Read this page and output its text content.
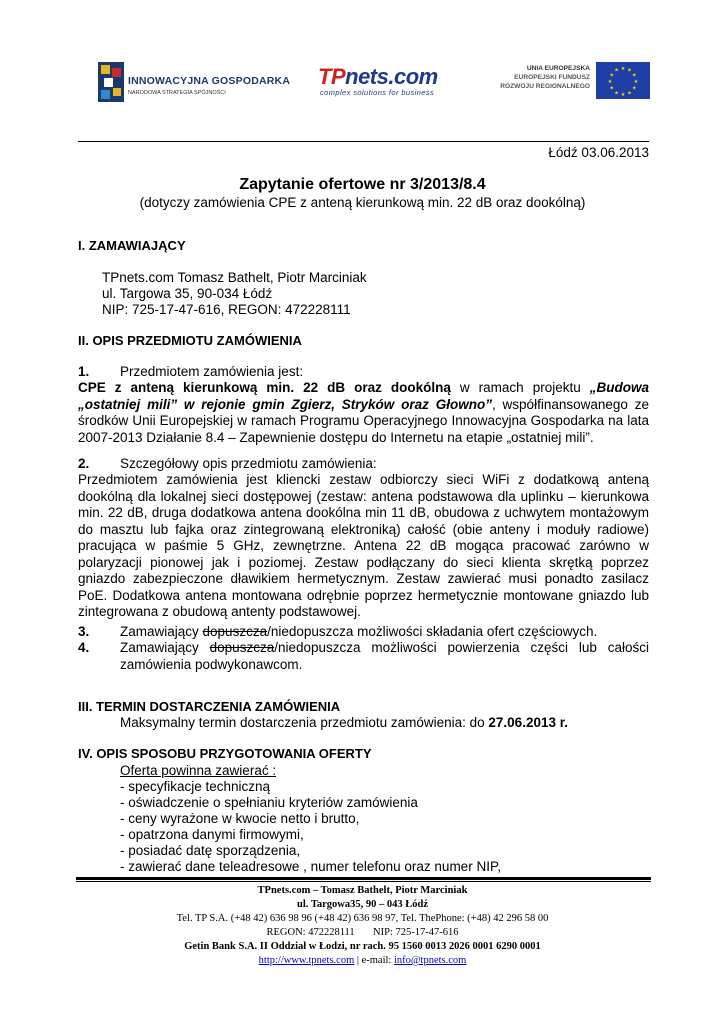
INNOWACYJNA GOSPODARKA
NARODOWA STRATEGIA SPÓJNOŚCI
TPnets.com
complex solutions for business
UNIA EUROPEJSKA
EUROPEJSKI FUNDUSZ
ROZWOJU REGIONALNEGO
★ ★
★
★
★
★
★
★
★
★
★
★
Łódź 03.06.2013
Zapytanie ofertowe nr 3/2013/8.4
(dotyczy zamówienia CPE z anteną kierunkową min. 22 dB oraz dookólną)
I. ZAMAWIAJĄCY
TPnets.com Tomasz Bathelt, Piotr Marciniak
ul. Targowa 35, 90-034 Łódź
NIP: 725-17-47-616, REGON: 472228111
II. OPIS PRZEDMIOTU ZAMÓWIENIA
1. Przedmiotem zamówienia jest:
CPE z anteną kierunkową min. 22 dB oraz dookólną w ramach projektu „Budowa „ostatniej mili” w rejonie gmin Zgierz, Stryków oraz Głowno”, współfinansowanego ze środków Unii Europejskiej w ramach Programu Operacyjnego Innowacyjna Gospodarka na lata 2007-2013 Działanie 8.4 – Zapewnienie dostępu do Internetu na etapie „ostatniej mili”.
2. Szczegółowy opis przedmiotu zamówienia:
Przedmiotem zamówienia jest kliencki zestaw odbiorczy sieci WiFi z dodatkową anteną dookólną dla lokalnej sieci dostępowej (zestaw: antena podstawowa dla uplinku – kierunkowa min. 22 dB, druga dodatkowa antena dookólna min 11 dB, obudowa z uchwytem montażowym do masztu lub fajka oraz zintegrowaną elektroniką) całość (obie anteny i moduły radiowe) pracująca w paśmie 5 GHz, zewnętrzne. Antena 22 dB mogąca pracować zarówno w polaryzacji pionowej jak i poziomej. Zestaw podłączany do sieci klienta skrętką poprzez gniazdo zabezpieczone dławikiem hermetycznym. Zestaw zawierać musi ponadto zasilacz PoE. Dodatkowa antena montowana odrębnie poprzez hermetycznie montowane gniazdo lub zintegrowana z obudową antenty podstawowej.
3. Zamawiający dopuszcza/niedopuszcza możliwości składania ofert częściowych.
4. Zamawiający dopuszcza/niedopuszcza możliwości powierzenia części lub całości zamówienia podwykonawcom.
III. TERMIN DOSTARCZENIA ZAMÓWIENIA
Maksymalny termin dostarczenia przedmiotu zamówienia: do 27.06.2013 r.
IV. OPIS SPOSOBU PRZYGOTOWANIA OFERTY
Oferta powinna zawierać :
- specyfikacje techniczną
- oświadczenie o spełnianiu kryteriów zamówienia
- ceny wyrażone w kwocie netto i brutto,
- opatrzona danymi firmowymi,
- posiadać datę sporządzenia,
- zawierać dane teleadresowe , numer telefonu oraz numer NIP,
TPnets.com – Tomasz Bathelt, Piotr Marciniak
ul. Targowa35, 90 – 043 Łódź
Tel. TP S.A. (+48 42) 636 98 96 (+48 42) 636 98 97, Tel. ThePhone: (+48) 42 296 58 00
REGON: 472228111       NIP: 725-17-47-616
Getin Bank S.A. II Oddział w Łodzi, nr rach. 95 1560 0013 2026 0001 6290 0001
http://www.tpnets.com | e-mail: info@tpnets.com
